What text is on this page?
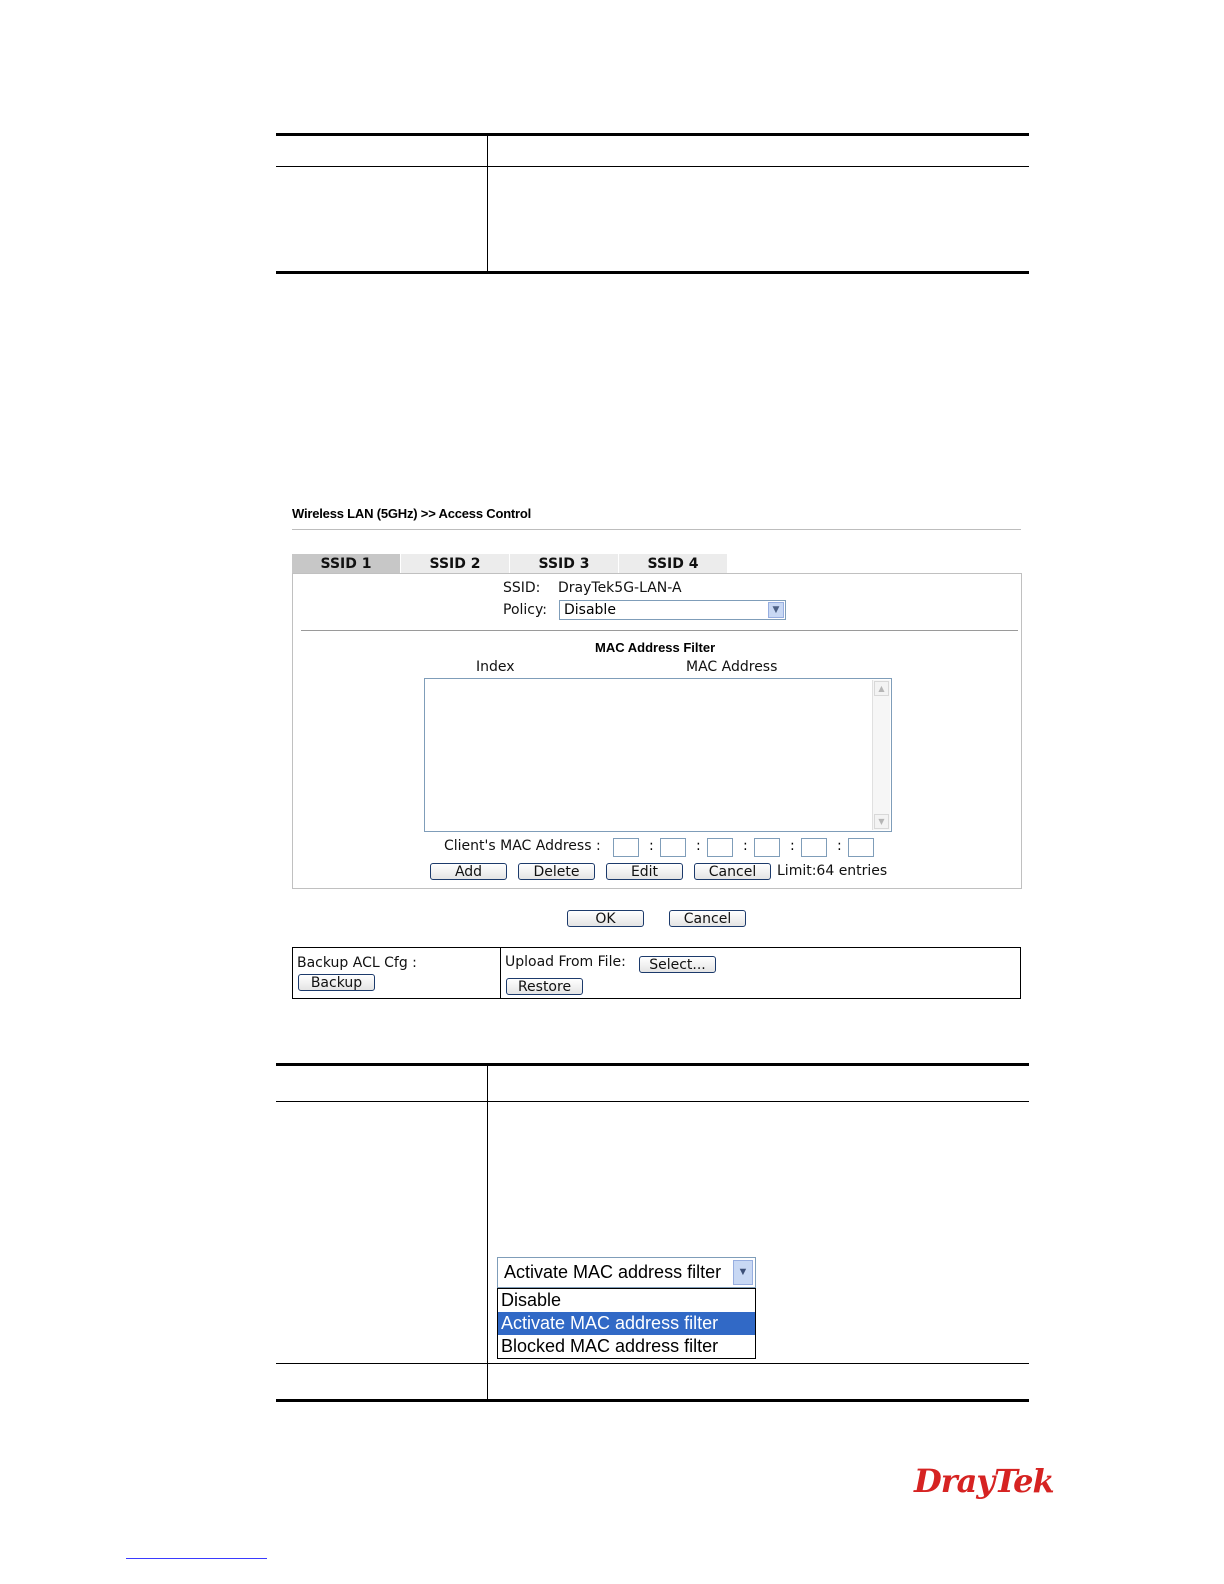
Wireless LAN (5GHz) >> Access Control
SSID 1	SSID 2	SSID 3	SSID 4
SSID: DrayTek5G-LAN-A
Policy:	Disable	▼
MAC Address Filter
Index	MAC Address
▲
▼
Client's MAC Address :	:	:	:	:	:
Add	Delete	Edit	Cancel	Limit:64 entries
OK	Cancel
Backup ACL Cfg :
Backup
Upload From File:	Select...
Restore
Activate MAC address filter	▼
Disable
Activate MAC address filter
Blocked MAC address filter
DrayTek
